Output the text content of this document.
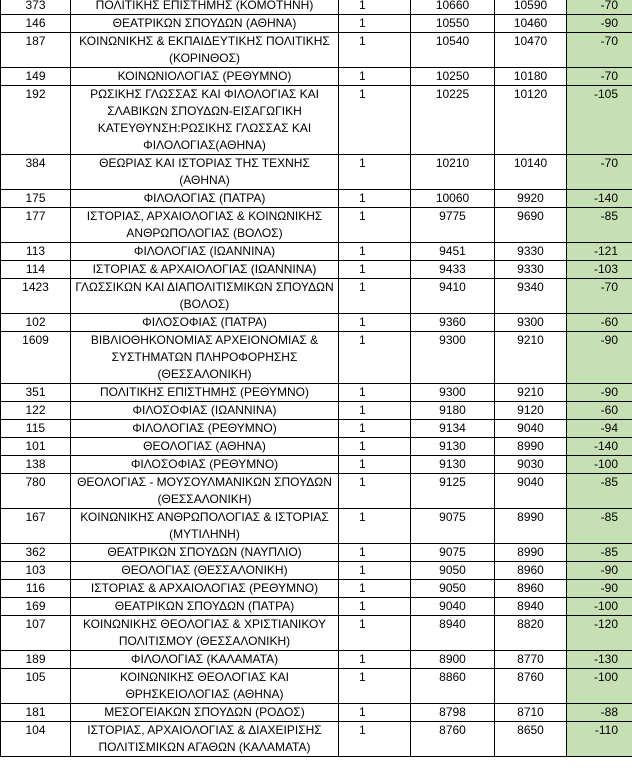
373	ΠΟΛΙΤΙΚΗΣ ΕΠΙΣΤΗΜΗΣ (ΚΟΜΟΤΗΝΗ)	1	10660	10590	-70
146	ΘΕΑΤΡΙΚΩΝ ΣΠΟΥΔΩΝ (ΑΘΗΝΑ)	1	10550	10460	-90
187	ΚΟΙΝΩΝΙΚΗΣ & ΕΚΠΑΙΔΕΥΤΙΚΗΣ ΠΟΛΙΤΙΚΗΣ (ΚΟΡΙΝΘΟΣ)	1	10540	10470	-70
149	ΚΟΙΝΩΝΙΟΛΟΓΙΑΣ (ΡΕΘΥΜΝΟ)	1	10250	10180	-70
192	ΡΩΣΙΚΗΣ ΓΛΩΣΣΑΣ ΚΑΙ ΦΙΛΟΛΟΓΙΑΣ ΚΑΙ ΣΛΑΒΙΚΩΝ ΣΠΟΥΔΩΝ-ΕΙΣΑΓΩΓΙΚΗ ΚΑΤΕΥΘΥΝΣΗ:ΡΩΣΙΚΗΣ ΓΛΩΣΣΑΣ ΚΑΙ ΦΙΛΟΛΟΓΙΑΣ(ΑΘΗΝΑ)	1	10225	10120	-105
384	ΘΕΩΡΙΑΣ ΚΑΙ ΙΣΤΟΡΙΑΣ ΤΗΣ ΤΕΧΝΗΣ (ΑΘΗΝΑ)	1	10210	10140	-70
175	ΦΙΛΟΛΟΓΙΑΣ (ΠΑΤΡΑ)	1	10060	9920	-140
177	ΙΣΤΟΡΙΑΣ, ΑΡΧΑΙΟΛΟΓΙΑΣ & ΚΟΙΝΩΝΙΚΗΣ ΑΝΘΡΩΠΟΛΟΓΙΑΣ (ΒΟΛΟΣ)	1	9775	9690	-85
113	ΦΙΛΟΛΟΓΙΑΣ (ΙΩΑΝΝΙΝΑ)	1	9451	9330	-121
114	ΙΣΤΟΡΙΑΣ & ΑΡΧΑΙΟΛΟΓΙΑΣ (ΙΩΑΝΝΙΝΑ)	1	9433	9330	-103
1423	ΓΛΩΣΣΙΚΩΝ ΚΑΙ ΔΙΑΠΟΛΙΤΙΣΜΙΚΩΝ ΣΠΟΥΔΩΝ (ΒΟΛΟΣ)	1	9410	9340	-70
102	ΦΙΛΟΣΟΦΙΑΣ (ΠΑΤΡΑ)	1	9360	9300	-60
1609	ΒΙΒΛΙΟΘΗΚΟΝΟΜΙΑΣ ΑΡΧΕΙΟΝΟΜΙΑΣ & ΣΥΣΤΗΜΑΤΩΝ ΠΛΗΡΟΦΟΡΗΣΗΣ (ΘΕΣΣΑΛΟΝΙΚΗ)	1	9300	9210	-90
351	ΠΟΛΙΤΙΚΗΣ ΕΠΙΣΤΗΜΗΣ (ΡΕΘΥΜΝΟ)	1	9300	9210	-90
122	ΦΙΛΟΣΟΦΙΑΣ (ΙΩΑΝΝΙΝΑ)	1	9180	9120	-60
115	ΦΙΛΟΛΟΓΙΑΣ (ΡΕΘΥΜΝΟ)	1	9134	9040	-94
101	ΘΕΟΛΟΓΙΑΣ (ΑΘΗΝΑ)	1	9130	8990	-140
138	ΦΙΛΟΣΟΦΙΑΣ (ΡΕΘΥΜΝΟ)	1	9130	9030	-100
780	ΘΕΟΛΟΓΙΑΣ - ΜΟΥΣΟΥΛΜΑΝΙΚΩΝ ΣΠΟΥΔΩΝ (ΘΕΣΣΑΛΟΝΙΚΗ)	1	9125	9040	-85
167	ΚΟΙΝΩΝΙΚΗΣ ΑΝΘΡΩΠΟΛΟΓΙΑΣ & ΙΣΤΟΡΙΑΣ (ΜΥΤΙΛΗΝΗ)	1	9075	8990	-85
362	ΘΕΑΤΡΙΚΩΝ ΣΠΟΥΔΩΝ (ΝΑΥΠΛΙΟ)	1	9075	8990	-85
103	ΘΕΟΛΟΓΙΑΣ (ΘΕΣΣΑΛΟΝΙΚΗ)	1	9050	8960	-90
116	ΙΣΤΟΡΙΑΣ & ΑΡΧΑΙΟΛΟΓΙΑΣ (ΡΕΘΥΜΝΟ)	1	9050	8960	-90
169	ΘΕΑΤΡΙΚΩΝ ΣΠΟΥΔΩΝ (ΠΑΤΡΑ)	1	9040	8940	-100
107	ΚΟΙΝΩΝΙΚΗΣ ΘΕΟΛΟΓΙΑΣ & ΧΡΙΣΤΙΑΝΙΚΟΥ ΠΟΛΙΤΙΣΜΟΥ (ΘΕΣΣΑΛΟΝΙΚΗ)	1	8940	8820	-120
189	ΦΙΛΟΛΟΓΙΑΣ (ΚΑΛΑΜΑΤΑ)	1	8900	8770	-130
105	ΚΟΙΝΩΝΙΚΗΣ ΘΕΟΛΟΓΙΑΣ ΚΑΙ ΘΡΗΣΚΕΙΟΛΟΓΙΑΣ (ΑΘΗΝΑ)	1	8860	8760	-100
181	ΜΕΣΟΓΕΙΑΚΩΝ ΣΠΟΥΔΩΝ (ΡΟΔΟΣ)	1	8798	8710	-88
104	ΙΣΤΟΡΙΑΣ, ΑΡΧΑΙΟΛΟΓΙΑΣ & ΔΙΑΧΕΙΡΙΣΗΣ ΠΟΛΙΤΙΣΜΙΚΩΝ ΑΓΑΘΩΝ (ΚΑΛΑΜΑΤΑ)	1	8760	8650	-110
